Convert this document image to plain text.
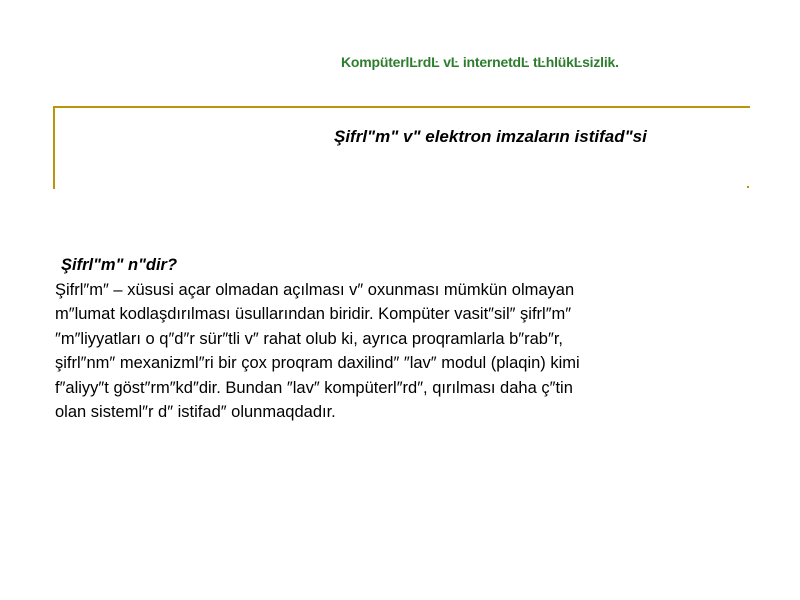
KompüterlĿrdĿ vĿ internetdĿ tĿhlükĿsizlik.
Şifrl"m" v" elektron imzaların istifad"si
Şifrl"m" n"dir?
Şifrl″m″ – xüsusi açar olmadan açılması v″ oxunması mümkün olmayan
m″lumat kodlaşdırılması üsullarından biridir. Kompüter vasit″sil″ şifrl″m″
″m″liyyatları o q″d″r sür″tli v″ rahat olub ki, ayrıca proqramlarla b″rab″r,
şifrl″nm″ mexanizml″ri bir çox proqram daxilind″ ″lav″ modul (plaqin) kimi
f″aliyy″t göst″rm″kd″dir. Bundan ″lav″ kompüterl″rd″, qırılması daha ç″tin
olan sisteml″r d″ istifad″ olunmaqdadır.
